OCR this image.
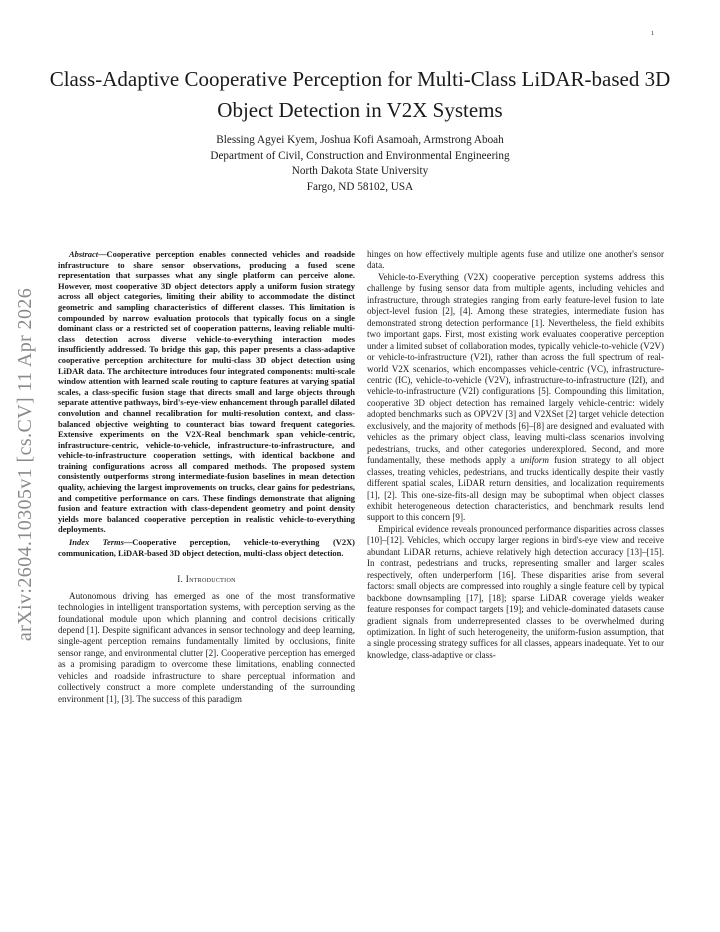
1
arXiv:2604.10305v1 [cs.CV] 11 Apr 2026
Class-Adaptive Cooperative Perception for Multi-Class LiDAR-based 3D Object Detection in V2X Systems
Blessing Agyei Kyem, Joshua Kofi Asamoah, Armstrong Aboah
Department of Civil, Construction and Environmental Engineering
North Dakota State University
Fargo, ND 58102, USA

Abstract—Cooperative perception enables connected vehicles and roadside infrastructure to share sensor observations, producing a fused scene representation that surpasses what any single platform can perceive alone. However, most cooperative 3D object detectors apply a uniform fusion strategy across all object categories, limiting their ability to accommodate the distinct geometric and sampling characteristics of different classes. This limitation is compounded by narrow evaluation protocols that typically focus on a single dominant class or a restricted set of cooperation patterns, leaving reliable multi-class detection across diverse vehicle-to-everything interaction modes insufficiently addressed. To bridge this gap, this paper presents a class-adaptive cooperative perception architecture for multi-class 3D object detection using LiDAR data. The architecture introduces four integrated components: multi-scale window attention with learned scale routing to capture features at varying spatial scales, a class-specific fusion stage that directs small and large objects through separate attentive pathways, bird's-eye-view enhancement through parallel dilated convolution and channel recalibration for multi-resolution context, and class-balanced objective weighting to counteract bias toward frequent categories. Extensive experiments on the V2X-Real benchmark span vehicle-centric, infrastructure-centric, vehicle-to-vehicle, infrastructure-to-infrastructure, and vehicle-to-infrastructure cooperation settings, with identical backbone and training configurations across all compared methods. The proposed system consistently outperforms strong intermediate-fusion baselines in mean detection quality, achieving the largest improvements on trucks, clear gains for pedestrians, and competitive performance on cars. These findings demonstrate that aligning fusion and feature extraction with class-dependent geometry and point density yields more balanced cooperative perception in realistic vehicle-to-everything deployments.

Index Terms—Cooperative perception, vehicle-to-everything (V2X) communication, LiDAR-based 3D object detection, multi-class object detection.

I. Introduction

Autonomous driving has emerged as one of the most transformative technologies in intelligent transportation systems, with perception serving as the foundational module upon which planning and control decisions critically depend [1]. Despite significant advances in sensor technology and deep learning, single-agent perception remains fundamentally limited by occlusions, finite sensor range, and environmental clutter [2]. Cooperative perception has emerged as a promising paradigm to overcome these limitations, enabling connected vehicles and roadside infrastructure to share perceptual information and collectively construct a more complete understanding of the surrounding environment [1], [3]. The success of this paradigm

hinges on how effectively multiple agents fuse and utilize one another's sensor data.

Vehicle-to-Everything (V2X) cooperative perception systems address this challenge by fusing sensor data from multiple agents, including vehicles and infrastructure, through strategies ranging from early feature-level fusion to late object-level fusion [2], [4]. Among these strategies, intermediate fusion has demonstrated strong detection performance [1]. Nevertheless, the field exhibits two important gaps. First, most existing work evaluates cooperative perception under a limited subset of collaboration modes, typically vehicle-to-vehicle (V2V) or vehicle-to-infrastructure (V2I), rather than across the full spectrum of real-world V2X scenarios, which encompasses vehicle-centric (VC), infrastructure-centric (IC), vehicle-to-vehicle (V2V), infrastructure-to-infrastructure (I2I), and vehicle-to-infrastructure (V2I) configurations [5]. Compounding this limitation, cooperative 3D object detection has remained largely vehicle-centric: widely adopted benchmarks such as OPV2V [3] and V2XSet [2] target vehicle detection exclusively, and the majority of methods [6]–[8] are designed and evaluated with vehicles as the primary object class, leaving multi-class scenarios involving pedestrians, trucks, and other categories underexplored. Second, and more fundamentally, these methods apply a uniform fusion strategy to all object classes, treating vehicles, pedestrians, and trucks identically despite their vastly different spatial scales, LiDAR return densities, and localization requirements [1], [2]. This one-size-fits-all design may be suboptimal when object classes exhibit heterogeneous detection characteristics, and benchmark results lend support to this concern [9].

Empirical evidence reveals pronounced performance disparities across classes [10]–[12]. Vehicles, which occupy larger regions in bird's-eye view and receive abundant LiDAR returns, achieve relatively high detection accuracy [13]–[15]. In contrast, pedestrians and trucks, representing smaller and larger scales respectively, often underperform [16]. These disparities arise from several factors: small objects are compressed into roughly a single feature cell by typical backbone downsampling [17], [18]; sparse LiDAR coverage yields weaker feature responses for compact targets [19]; and vehicle-dominated datasets cause gradient signals from underrepresented classes to be overwhelmed during optimization. In light of such heterogeneity, the uniform-fusion assumption, that a single processing strategy suffices for all classes, appears inadequate. Yet to our knowledge, class-adaptive or class-
